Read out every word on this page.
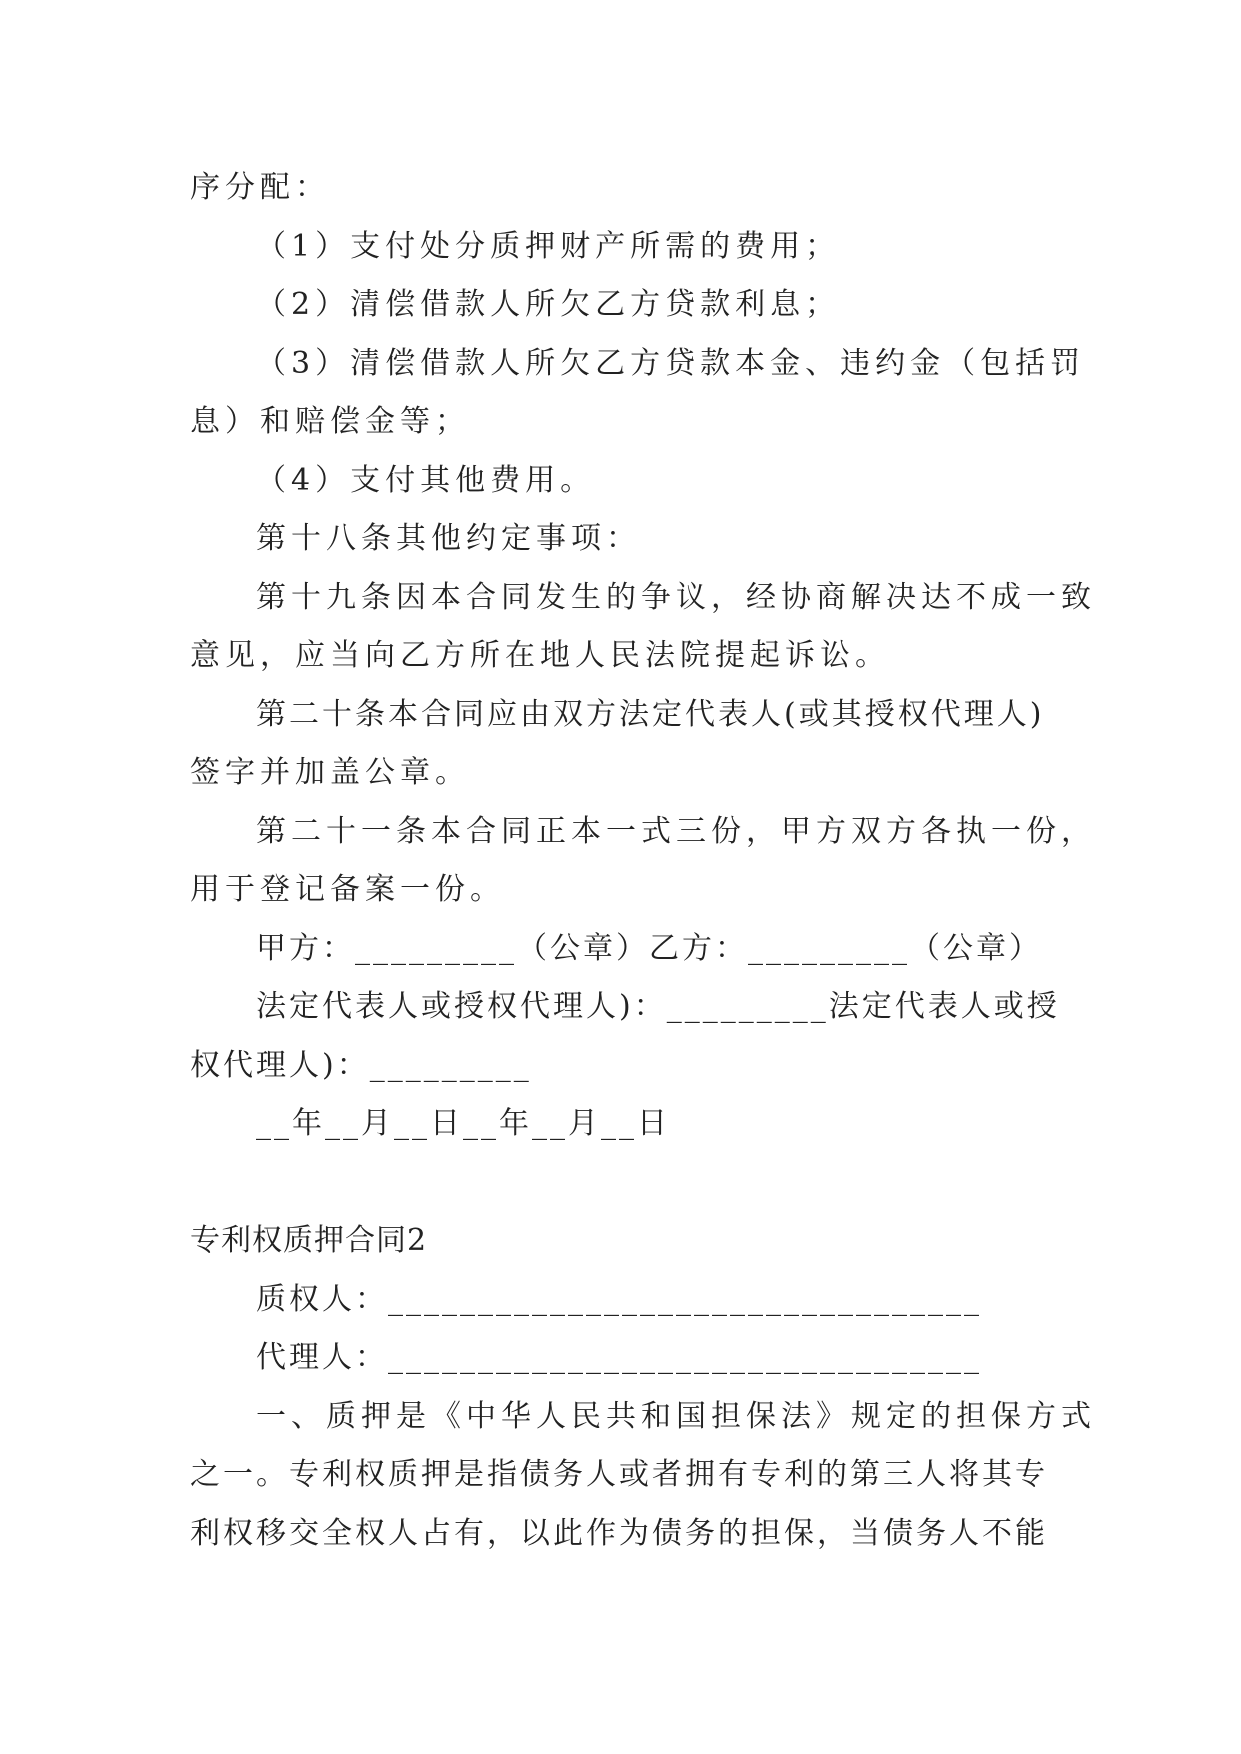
序分配：

（1）支付处分质押财产所需的费用；

（2）清偿借款人所欠乙方贷款利息；

（3）清偿借款人所欠乙方贷款本金、违约金（包括罚

息）和赔偿金等；

（4）支付其他费用。

第十八条其他约定事项：

第十九条因本合同发生的争议，经协商解决达不成一致

意见，应当向乙方所在地人民法院提起诉讼。

第二十条本合同应由双方法定代表人(或其授权代理人)

签字并加盖公章。

第二十一条本合同正本一式三份，甲方双方各执一份，

用于登记备案一份。

甲方：_________（公章）乙方：_________（公章）

法定代表人或授权代理人)：_________法定代表人或授

权代理人)：_________

__年__月__日__年__月__日

专利权质押合同2

质权人：_________________________________

代理人：_________________________________

一、质押是《中华人民共和国担保法》规定的担保方式

之一。专利权质押是指债务人或者拥有专利的第三人将其专

利权移交全权人占有，以此作为债务的担保，当债务人不能
